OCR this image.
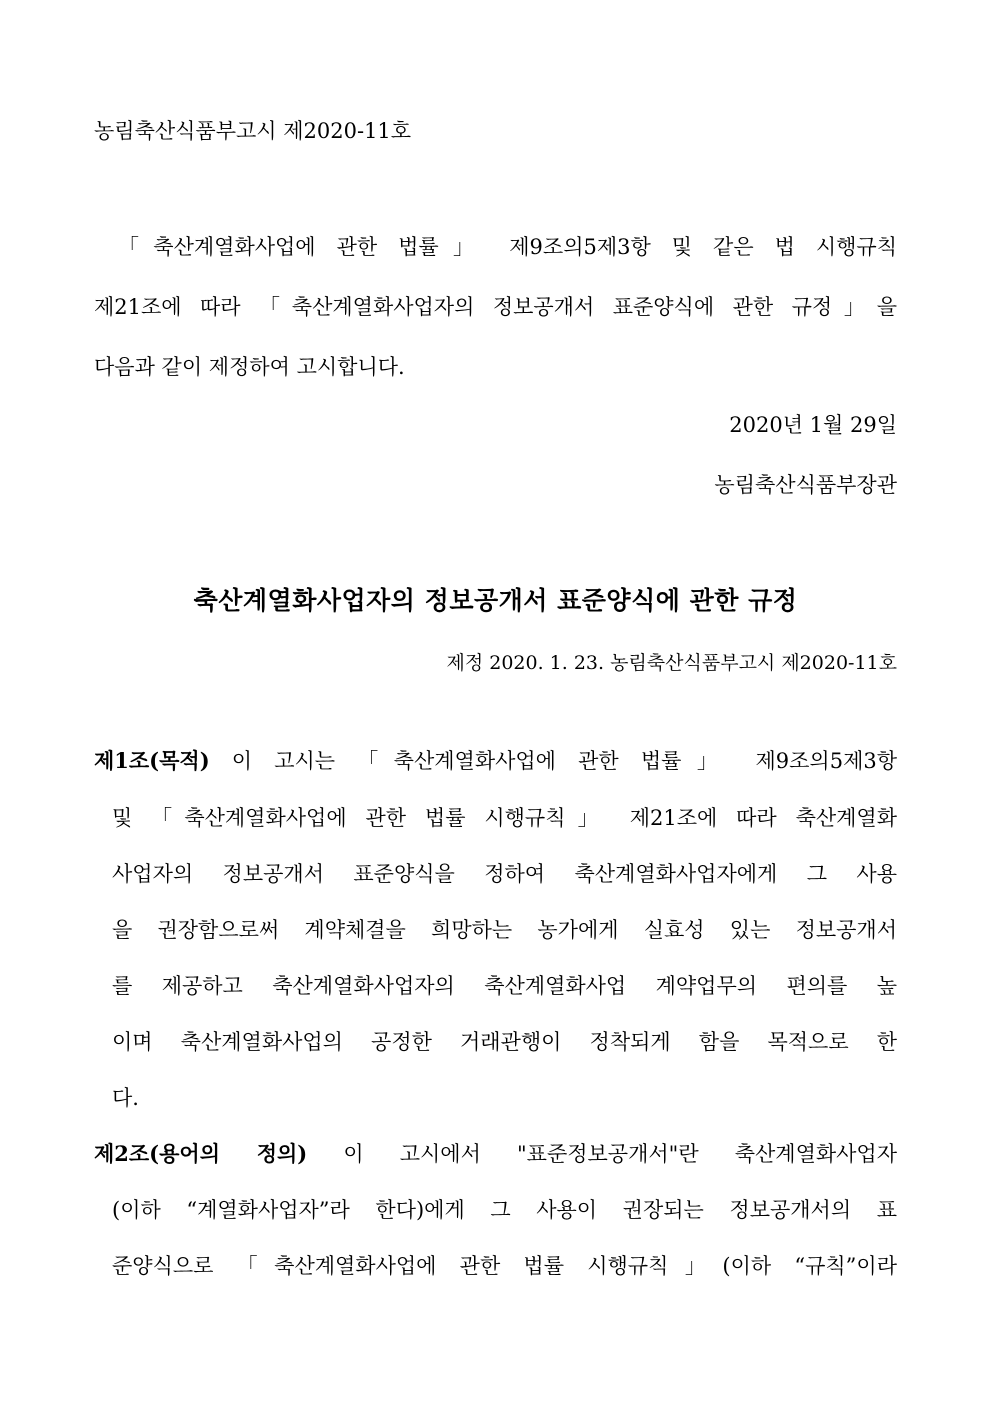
농림축산식품부고시 제2020-11호
「축산계열화사업에 관한 법률」 제9조의5제3항 및 같은 법 시행규칙
제21조에 따라 「축산계열화사업자의 정보공개서 표준양식에 관한 규정」을
다음과 같이 제정하여 고시합니다.
2020년 1월 29일
농림축산식품부장관
축산계열화사업자의 정보공개서 표준양식에 관한 규정
제정 2020. 1. 23. 농림축산식품부고시 제2020-11호
제1조(목적) 이 고시는 「축산계열화사업에 관한 법률」 제9조의5제3항
및 「축산계열화사업에 관한 법률 시행규칙」 제21조에 따라 축산계열화
사업자의 정보공개서 표준양식을 정하여 축산계열화사업자에게 그 사용
을 권장함으로써 계약체결을 희망하는 농가에게 실효성 있는 정보공개서
를 제공하고 축산계열화사업자의 축산계열화사업 계약업무의 편의를 높
이며 축산계열화사업의 공정한 거래관행이 정착되게 함을 목적으로 한
다.
제2조(용어의 정의) 이 고시에서 "표준정보공개서"란 축산계열화사업자
(이하 “계열화사업자”라 한다)에게 그 사용이 권장되는 정보공개서의 표
준양식으로 「축산계열화사업에 관한 법률 시행규칙」(이하 “규칙”이라
